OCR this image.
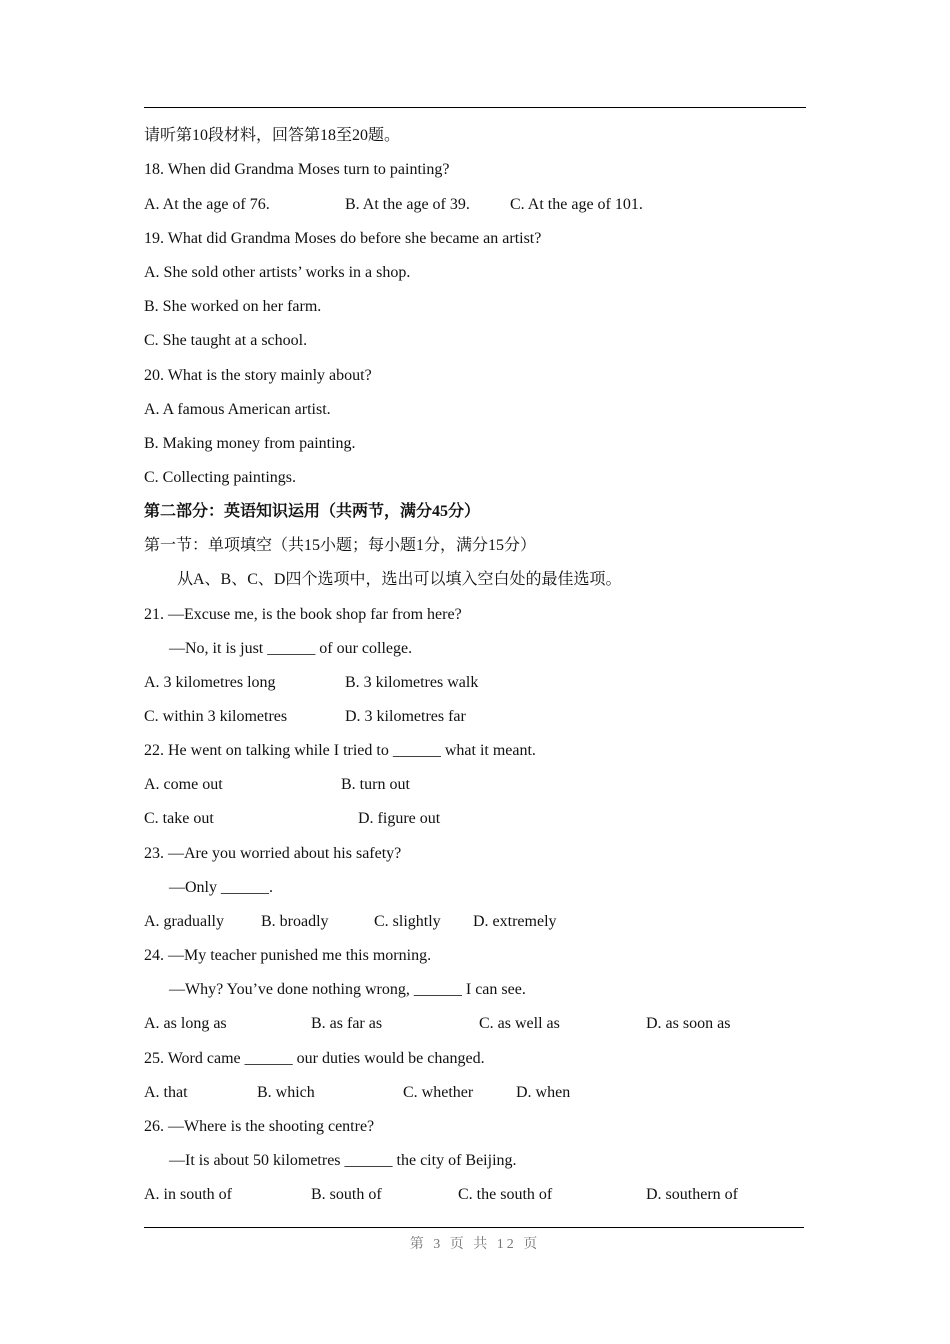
请听第10段材料，回答第18至20题。
18. When did Grandma Moses turn to painting?
A. At the age of 76.	B. At the age of 39.	C. At the age of 101.
19. What did Grandma Moses do before she became an artist?
A. She sold other artists’ works in a shop.
B. She worked on her farm.
C. She taught at a school.
20. What is the story mainly about?
A. A famous American artist.
B. Making money from painting.
C. Collecting paintings.
第二部分：英语知识运用（共两节，满分45分）
第一节：单项填空（共15小题；每小题1分，满分15分）
从A、B、C、D四个选项中，选出可以填入空白处的最佳选项。
21. —Excuse me, is the book shop far from here?
—No, it is just ______ of our college.
A. 3 kilometres long	B. 3 kilometres walk
C. within 3 kilometres	D. 3 kilometres far
22. He went on talking while I tried to ______ what it meant.
A. come out	B. turn out
C. take out	D. figure out
23. —Are you worried about his safety?
—Only ______.
A. gradually B. broadly	C. slightly D. extremely
24. —My teacher punished me this morning.
—Why? You’ve done nothing wrong, ______ I can see.
A. as long as	B. as far as	C. as well as	D. as soon as
25. Word came ______ our duties would be changed.
A. that	B. which	C. whether	D. when
26. —Where is the shooting centre?
—It is about 50 kilometres ______ the city of Beijing.
A. in south of	B. south of	C. the south of	D. southern of
第 3 页 共 12 页
